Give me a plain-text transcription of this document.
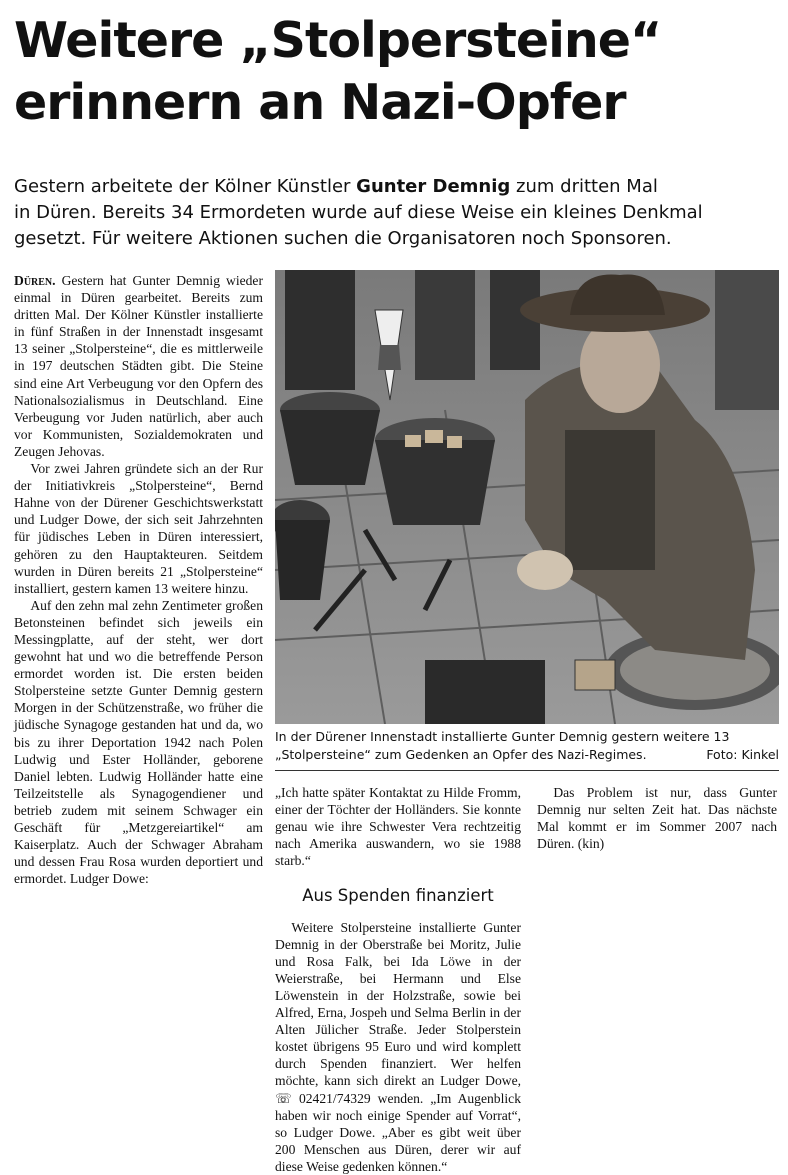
Weitere „Stolpersteine“
erinnern an Nazi-Opfer
Gestern arbeitete der Kölner Künstler Gunter Demnig zum dritten Mal
in Düren. Bereits 34 Ermordeten wurde auf diese Weise ein kleines Denkmal
gesetzt. Für weitere Aktionen suchen die Organisatoren noch Sponsoren.

Düren. Gestern hat Gunter Demnig wieder einmal in Düren gearbeitet. Bereits zum dritten Mal. Der Kölner Künstler installierte in fünf Straßen in der Innenstadt insgesamt 13 seiner „Stolpersteine“, die es mittlerweile in 197 deutschen Städten gibt. Die Steine sind eine Art Verbeugung vor den Opfern des Nationalsozialismus in Deutschland. Eine Verbeugung vor Juden natürlich, aber auch vor Kommunisten, Sozialdemokraten und Zeugen Jehovas.

Vor zwei Jahren gründete sich an der Rur der Initiativkreis „Stolpersteine“, Bernd Hahne von der Dürener Geschichtswerkstatt und Ludger Dowe, der sich seit Jahrzehnten für jüdisches Leben in Düren interessiert, gehören zu den Hauptakteuren. Seitdem wurden in Düren bereits 21 „Stolpersteine“ installiert, gestern kamen 13 weitere hinzu.

Auf den zehn mal zehn Zentimeter großen Betonsteinen befindet sich jeweils ein Messingplatte, auf der steht, wer dort gewohnt hat und wo die betreffende Person ermordet worden ist. Die ersten beiden Stolpersteine setzte Gunter Demnig gestern Morgen in der Schützenstraße, wo früher die jüdische Synagoge gestanden hat und da, wo bis zu ihrer Deportation 1942 nach Polen Ludwig und Ester Holländer, geborene Daniel lebten. Ludwig Holländer hatte eine Teilzeitstelle als Synagogendiener und betrieb zudem mit seinem Schwager ein Geschäft für „Metzgereiartikel“ am Kaiserplatz. Auch der Schwager Abraham und dessen Frau Rosa wurden deportiert und ermordet. Ludger Dowe:

In der Dürener Innenstadt installierte Gunter Demnig gestern weitere 13
„Stolpersteine“ zum Gedenken an Opfer des Nazi-Regimes.	Foto: Kinkel

„Ich hatte später Kontaktat zu Hilde Fromm, einer der Töchter der Holländers. Sie konnte genau wie ihre Schwester Vera rechtzeitig nach Amerika auswandern, wo sie 1988 starb.“

Aus Spenden finanziert

Weitere Stolpersteine installierte Gunter Demnig in der Oberstraße bei Moritz, Julie und Rosa Falk, bei Ida Löwe in der Weierstraße, bei Hermann und Else Löwenstein in der Holzstraße, sowie bei Alfred, Erna, Jospeh und Selma Berlin in der Alten Jülicher Straße. Jeder Stolperstein kostet übrigens 95 Euro und wird komplett durch Spenden finanziert. Wer helfen möchte, kann sich direkt an Ludger Dowe, ☏ 02421/74329 wenden. „Im Augenblick haben wir noch einige Spender auf Vorrat“, so Ludger Dowe. „Aber es gibt weit über 200 Menschen aus Düren, derer wir auf diese Weise gedenken können.“

Das Problem ist nur, dass Gunter Demnig nur selten Zeit hat. Das nächste Mal kommt er im Sommer 2007 nach Düren. (kin)
